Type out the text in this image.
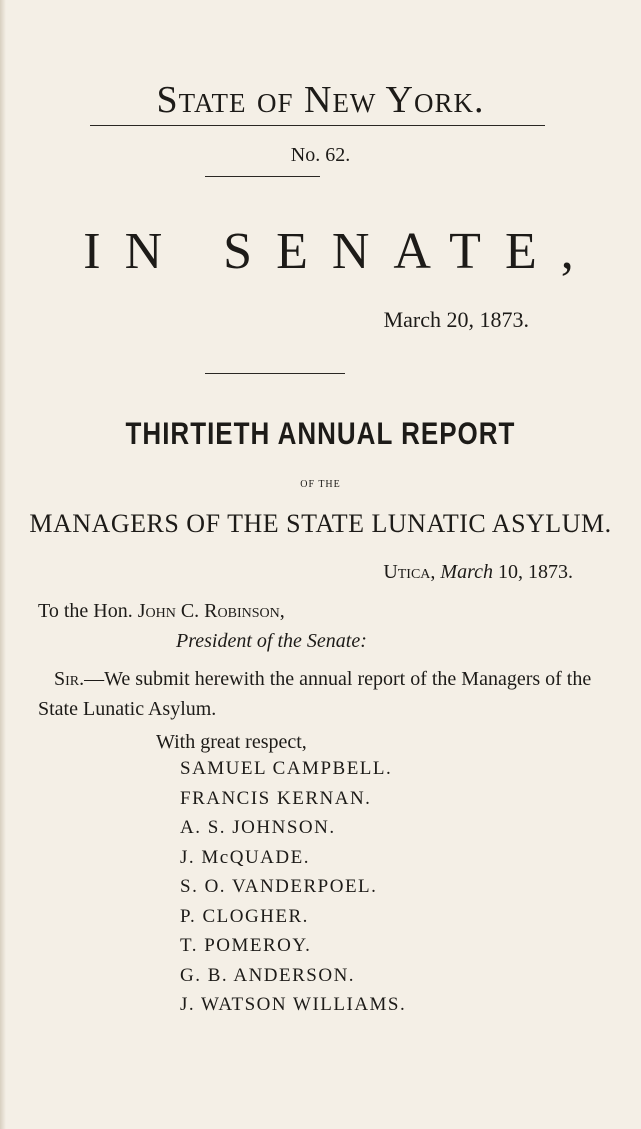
State of New York.
No. 62.
IN SENATE,
March 20, 1873.
THIRTIETH ANNUAL REPORT
OF THE
MANAGERS OF THE STATE LUNATIC ASYLUM.
Utica, March 10, 1873.
To the Hon. John C. Robinson,
President of the Senate:
Sir.—We submit herewith the annual report of the Managers of the State Lunatic Asylum.
With great respect,
SAMUEL CAMPBELL.
FRANCIS KERNAN.
A. S. JOHNSON.
J. McQUADE.
S. O. VANDERPOEL.
P. CLOGHER.
T. POMEROY.
G. B. ANDERSON.
J. WATSON WILLIAMS.
